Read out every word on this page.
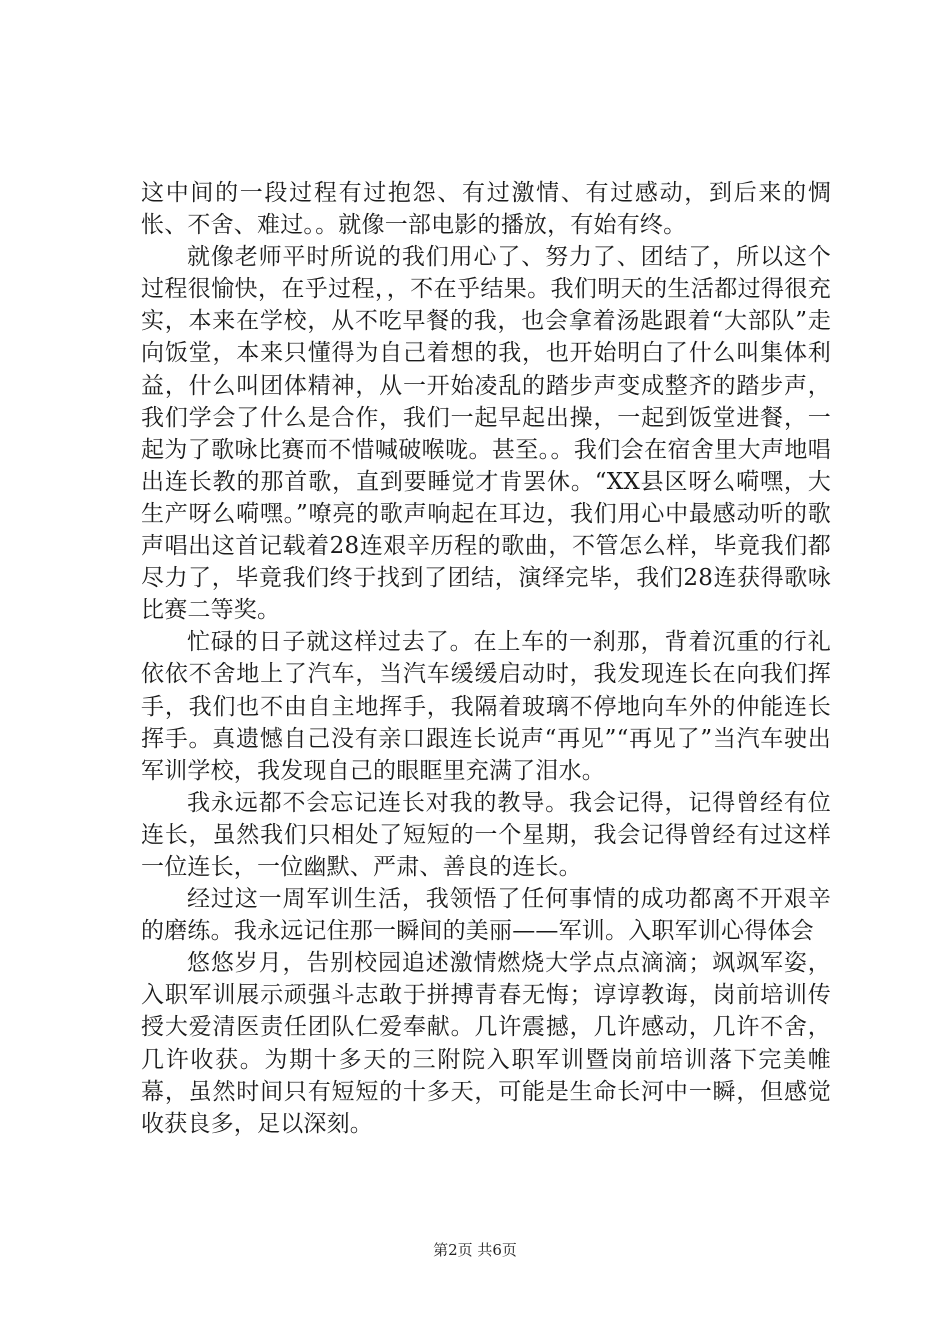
这中间的一段过程有过抱怨、有过激情、有过感动，到后来的惆怅、不舍、难过。。就像一部电影的播放，有始有终。

就像老师平时所说的我们用心了、努力了、团结了，所以这个过程很愉快，在乎过程，，不在乎结果。我们明天的生活都过得很充实，本来在学校，从不吃早餐的我，也会拿着汤匙跟着“大部队”走向饭堂，本来只懂得为自己着想的我，也开始明白了什么叫集体利益，什么叫团体精神，从一开始凌乱的踏步声变成整齐的踏步声，我们学会了什么是合作，我们一起早起出操，一起到饭堂进餐，一起为了歌咏比赛而不惜喊破喉咙。甚至。。我们会在宿舍里大声地唱出连长教的那首歌，直到要睡觉才肯罢休。“XX县区呀么嗬嘿，大生产呀么嗬嘿。”嘹亮的歌声响起在耳边，我们用心中最感动听的歌声唱出这首记载着28连艰辛历程的歌曲，不管怎么样，毕竟我们都尽力了，毕竟我们终于找到了团结，演绎完毕，我们28连获得歌咏比赛二等奖。

忙碌的日子就这样过去了。在上车的一刹那，背着沉重的行礼依依不舍地上了汽车，当汽车缓缓启动时，我发现连长在向我们挥手，我们也不由自主地挥手，我隔着玻璃不停地向车外的仲能连长挥手。真遗憾自己没有亲口跟连长说声“再见”“再见了”当汽车驶出军训学校，我发现自己的眼眶里充满了泪水。

我永远都不会忘记连长对我的教导。我会记得，记得曾经有位连长，虽然我们只相处了短短的一个星期，我会记得曾经有过这样一位连长，一位幽默、严肃、善良的连长。

经过这一周军训生活，我领悟了任何事情的成功都离不开艰辛的磨练。我永远记住那一瞬间的美丽——军训。入职军训心得体会

悠悠岁月，告别校园追述激情燃烧大学点点滴滴；飒飒军姿，入职军训展示顽强斗志敢于拼搏青春无悔；谆谆教诲，岗前培训传授大爱清医责任团队仁爱奉献。几许震撼，几许感动，几许不舍，几许收获。为期十多天的三附院入职军训暨岗前培训落下完美帷幕，虽然时间只有短短的十多天，可能是生命长河中一瞬，但感觉收获良多，足以深刻。

第2页 共6页
